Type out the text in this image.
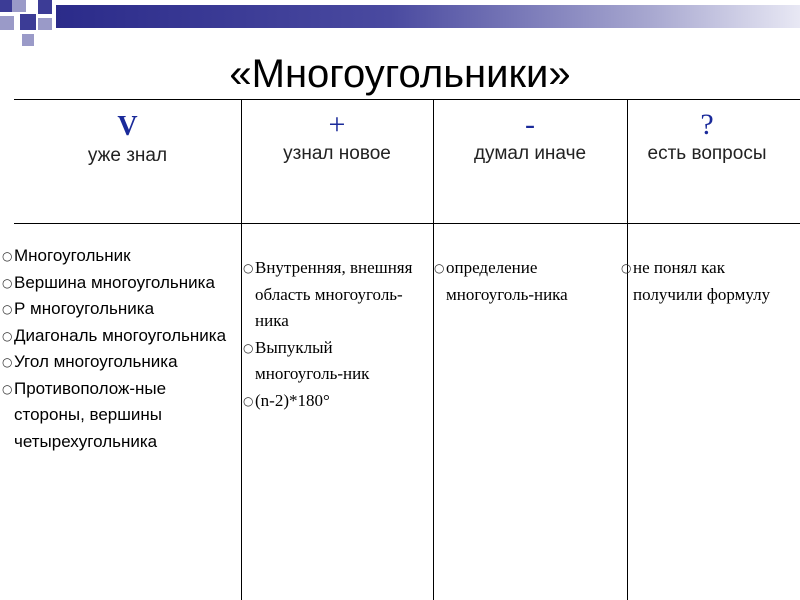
«Многоугольники»
V
уже знал
+
узнал новое
-
думал иначе
?
есть вопросы
○ Многоугольник
○ Вершина многоугольника
○ Р многоугольника
○ Диагональ многоугольника
○ Угол многоугольника
○ Противополож-ные стороны, вершины четырехугольника
○ Внутренняя, внешняя область многоуголь-ника
○ Выпуклый многоуголь-ник
○ (n-2)*180°
○ определение многоуголь-ника
○ не понял как получили формулу
